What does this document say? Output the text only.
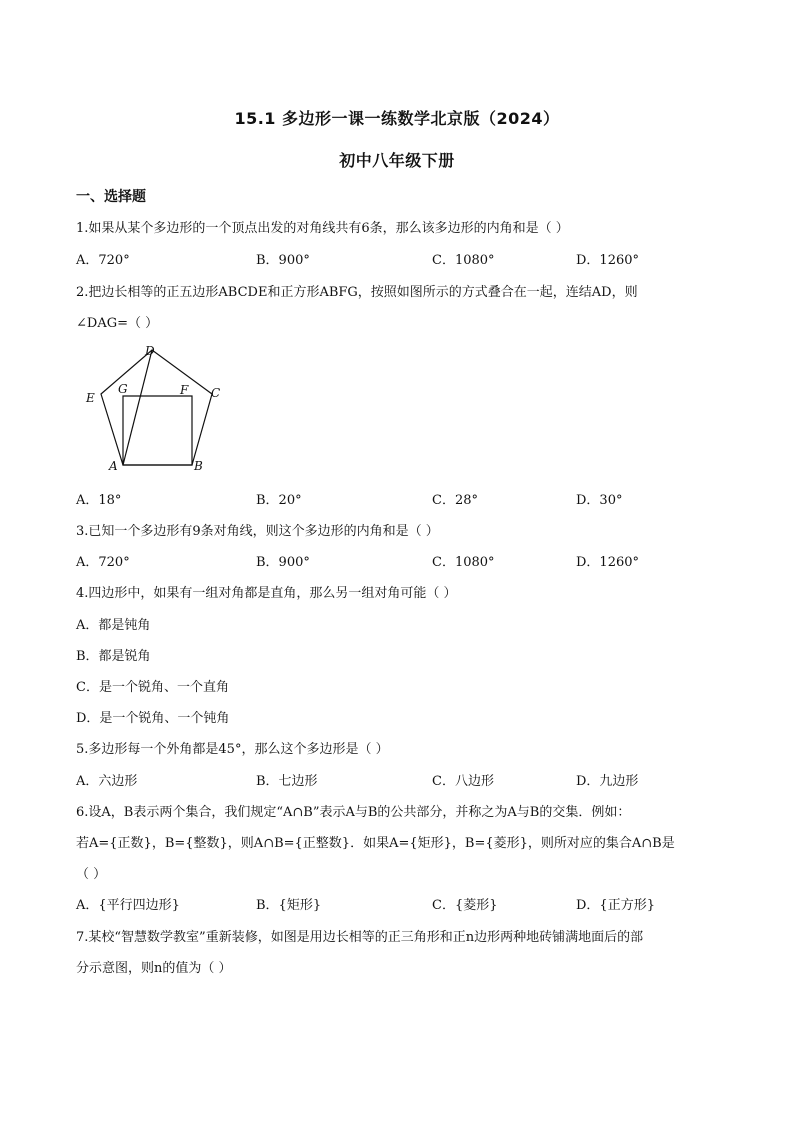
15.1 多边形一课一练数学北京版（2024）
初中八年级下册
一、选择题
1.如果从某个多边形的一个顶点出发的对角线共有6条，那么该多边形的内角和是（ ）
A．720°	B．900°	C．1080°	D．1260°
2.把边长相等的正五边形ABCDE和正方形ABFG，按照如图所示的方式叠合在一起，连结AD，则
∠DAG=（ ）
A	B
C
D
E
F
G
A．18°	B．20°	C．28°	D．30°
3.已知一个多边形有9条对角线，则这个多边形的内角和是（ ）
A．720°	B．900°	C．1080°	D．1260°
4.四边形中，如果有一组对角都是直角，那么另一组对角可能（ ）
A．都是钝角
B．都是锐角
C．是一个锐角、一个直角
D．是一个锐角、一个钝角
5.多边形每一个外角都是45°，那么这个多边形是（ ）
A．六边形	B．七边形	C．八边形	D．九边形
6.设A，B表示两个集合，我们规定“A∩B”表示A与B的公共部分，并称之为A与B的交集．例如：
若A={正数}，B={整数}，则A∩B={正整数}．如果A={矩形}，B={菱形}，则所对应的集合A∩B是
（ ）
A．{平行四边形}	B．{矩形}	C．{菱形}	D．{正方形}
7.某校“智慧数学教室”重新装修，如图是用边长相等的正三角形和正n边形两种地砖铺满地面后的部
分示意图，则n的值为（ ）
